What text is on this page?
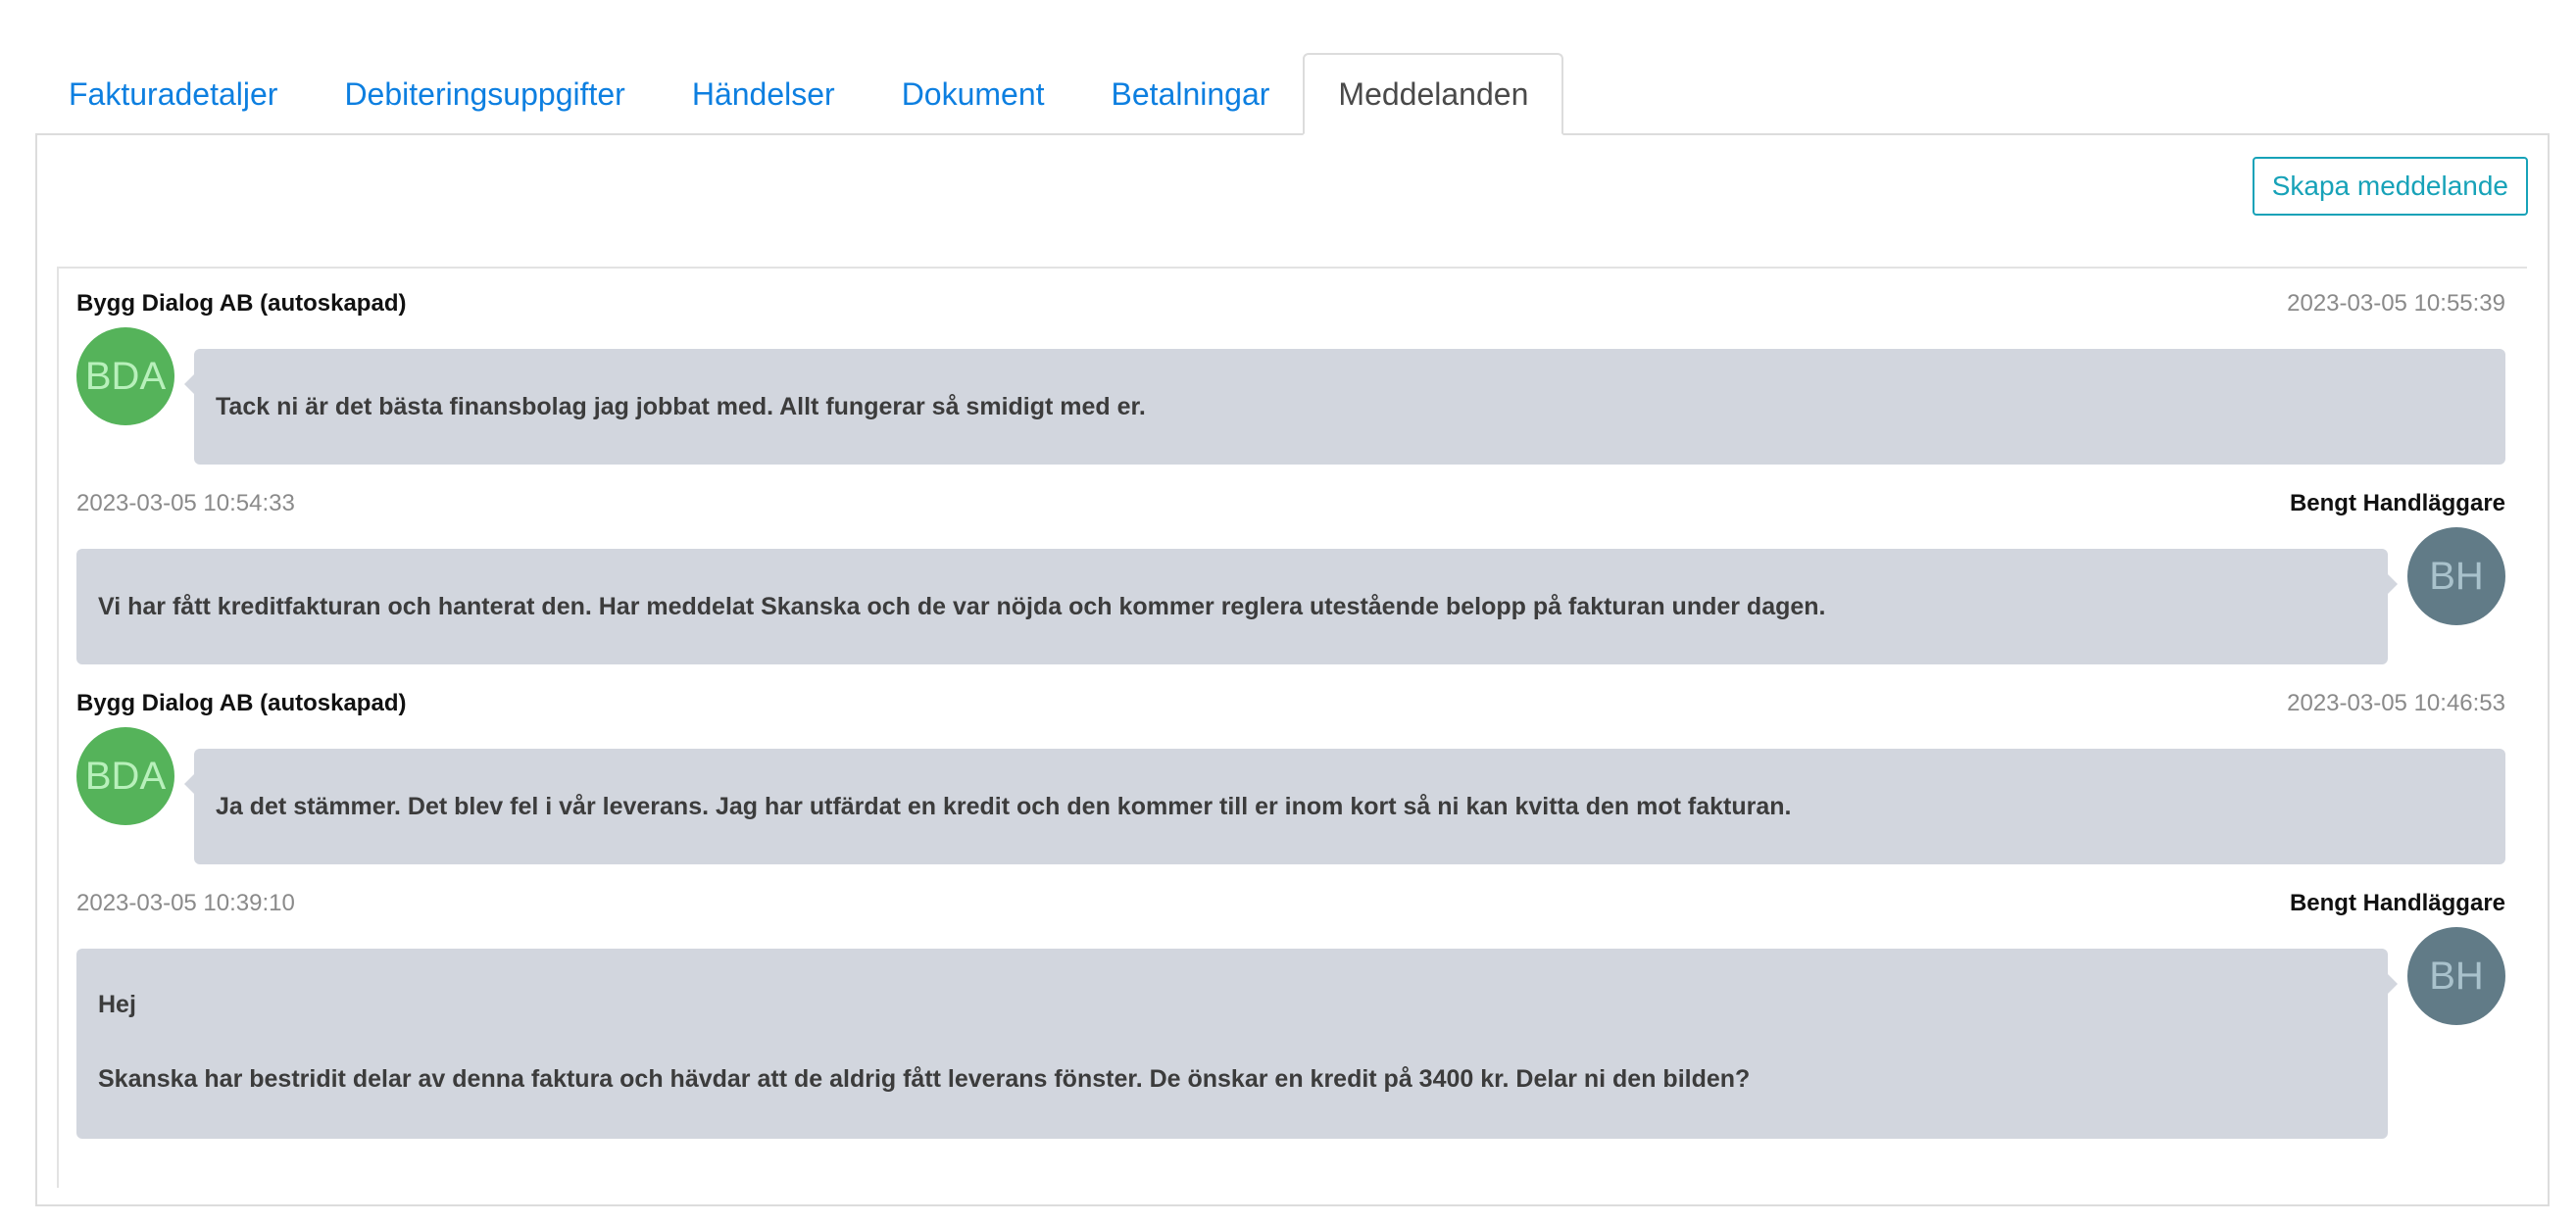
Fakturadetaljer	Debiteringsuppgifter	Händelser	Dokument	Betalningar	Meddelanden
Skapa meddelande
Bygg Dialog AB (autoskapad)	2023-03-05 10:55:39
BDA
Tack ni är det bästa finansbolag jag jobbat med. Allt fungerar så smidigt med er.
2023-03-05 10:54:33	Bengt Handläggare
BH
Vi har fått kreditfakturan och hanterat den. Har meddelat Skanska och de var nöjda och kommer reglera utestående belopp på fakturan under dagen.
Bygg Dialog AB (autoskapad)	2023-03-05 10:46:53
BDA
Ja det stämmer. Det blev fel i vår leverans. Jag har utfärdat en kredit och den kommer till er inom kort så ni kan kvitta den mot fakturan.
2023-03-05 10:39:10	Bengt Handläggare
BH

Hej

Skanska har bestridit delar av denna faktura och hävdar att de aldrig fått leverans fönster. De önskar en kredit på 3400 kr. Delar ni den bilden?
